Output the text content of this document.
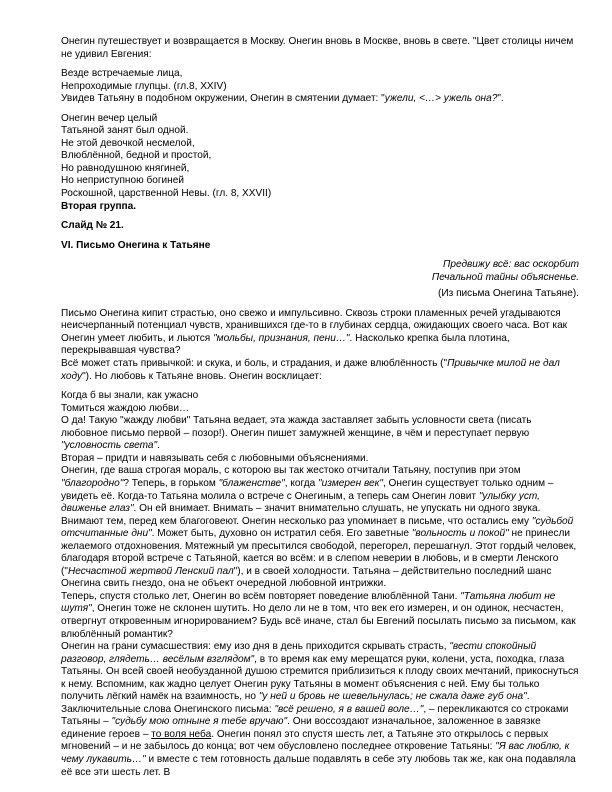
Онегин путешествует и возвращается в Москву. Онегин вновь в Москве, вновь в свете. "Цвет столицы ничем не удивил Евгения:

Везде встречаемые лица,

Непроходимые глупцы. (гл.8, XXIV)

Увидев Татьяну в подобном окружении, Онегин в смятении думает: "ужели, <…> ужель она?".

Онегин вечер целый

Татьяной занят был одной.

Не этой девочкой несмелой,

Влюблённой, бедной и простой,

Но равнодушною княгиней,

Но неприступною богиней

Роскошной, царственной Невы. (гл. 8, XXVII)

Вторая группа.

Слайд № 21.

VI. Письмо Онегина к Татьяне

Предвижу всё: вас оскорбит

Печальной тайны объясненье.

(Из письма Онегина Татьяне).

Письмо Онегина кипит страстью, оно свежо и импульсивно. Сквозь строки пламенных речей угадываются неисчерпанный потенциал чувств, хранившихся где-то в глубинах сердца, ожидающих своего часа. Вот как Онегин умеет любить, и льются "мольбы, признания, пени…". Насколько крепка была плотина, перекрывавшая чувства?

Всё может стать привычкой: и скука, и боль, и страдания, и даже влюблённость ("Привычке милой не дал ходу"). Но любовь к Татьяне вновь. Онегин восклицает:

Когда б вы знали, как ужасно

Томиться жаждою любви…

О да! Такую "жажду любви" Татьяна ведает, эта жажда заставляет забыть условности света (писать любовное письмо первой – позор!). Онегин пишет замужней женщине, в чём и переступает первую "условность света".

Вторая – придти и навязывать себя с любовными объяснениями.

Онегин, где ваша строгая мораль, с которою вы так жестоко отчитали Татьяну, поступив при этом "благородно"? Теперь, в горьком "блаженстве", когда "измерен век", Онегин существует только одним – увидеть её. Когда-то Татьяна молила о встрече с Онегиным, а теперь сам Онегин ловит "улыбку уст, движенье глаз". Он ей внимает. Внимать – значит внимательно слушать, не упускать ни одного звука. Внимают тем, перед кем благоговеют. Онегин несколько раз упоминает в письме, что остались ему "судьбой отсчитанные дни". Может быть, духовно он истратил себя. Его заветные "вольность и покой" не принесли желаемого отдохновения. Мятежный ум пресытился свободой, перегорел, перешагнул. Этот гордый человек, благодаря второй встрече с Татьяной, кается во всём: и в слепом неверии в любовь, и в смерти Ленского ("Несчастной жертвой Ленский пал"), и в своей холодности. Татьяна – действительно последний шанс Онегина свить гнездо, она не объект очередной любовной интрижки.

Теперь, спустя столько лет, Онегин во всём повторяет поведение влюблённой Тани. "Татьяна любит не шутя", Онегин тоже не склонен шутить. Но дело ли не в том, что век его измерен, и он одинок, несчастен, отвергнут откровенным игнорированием? Будь всё иначе, стал бы Евгений посылать письмо за письмом, как влюблённый романтик?

Онегин на грани сумасшествия: ему изо дня в день приходится скрывать страсть, "вести спокойный разговор, глядеть… весёлым взглядом", в то время как ему мерещатся руки, колени, уста, походка, глаза Татьяны. Он всей своей необузданной душою стремится приблизиться к плоду своих мечтаний, прикоснуться к нему. Вспомним, как жадно целует Онегин руку Татьяны в момент объяснения с ней. Ему бы только получить лёгкий намёк на взаимность, но "у ней и бровь не шевельнулась; не сжала даже губ она".

Заключительные слова Онегинского письма: "всё решено, я в вашей воле…", – перекликаются со строками Татьяны – "судьбу мою отныне я тебе вручаю". Они воссоздают изначальное, заложенное в завязке единение героев – то воля неба. Онегин понял это спустя шесть лет, а Татьяне это открылось с первых мгновений – и не забылось до конца; вот чем обусловлено последнее откровение Татьяны: "Я вас люблю, к чему лукавить…" и вместе с тем готовность дальше подавлять в себе эту любовь так же, как она подавляла её все эти шесть лет. В
